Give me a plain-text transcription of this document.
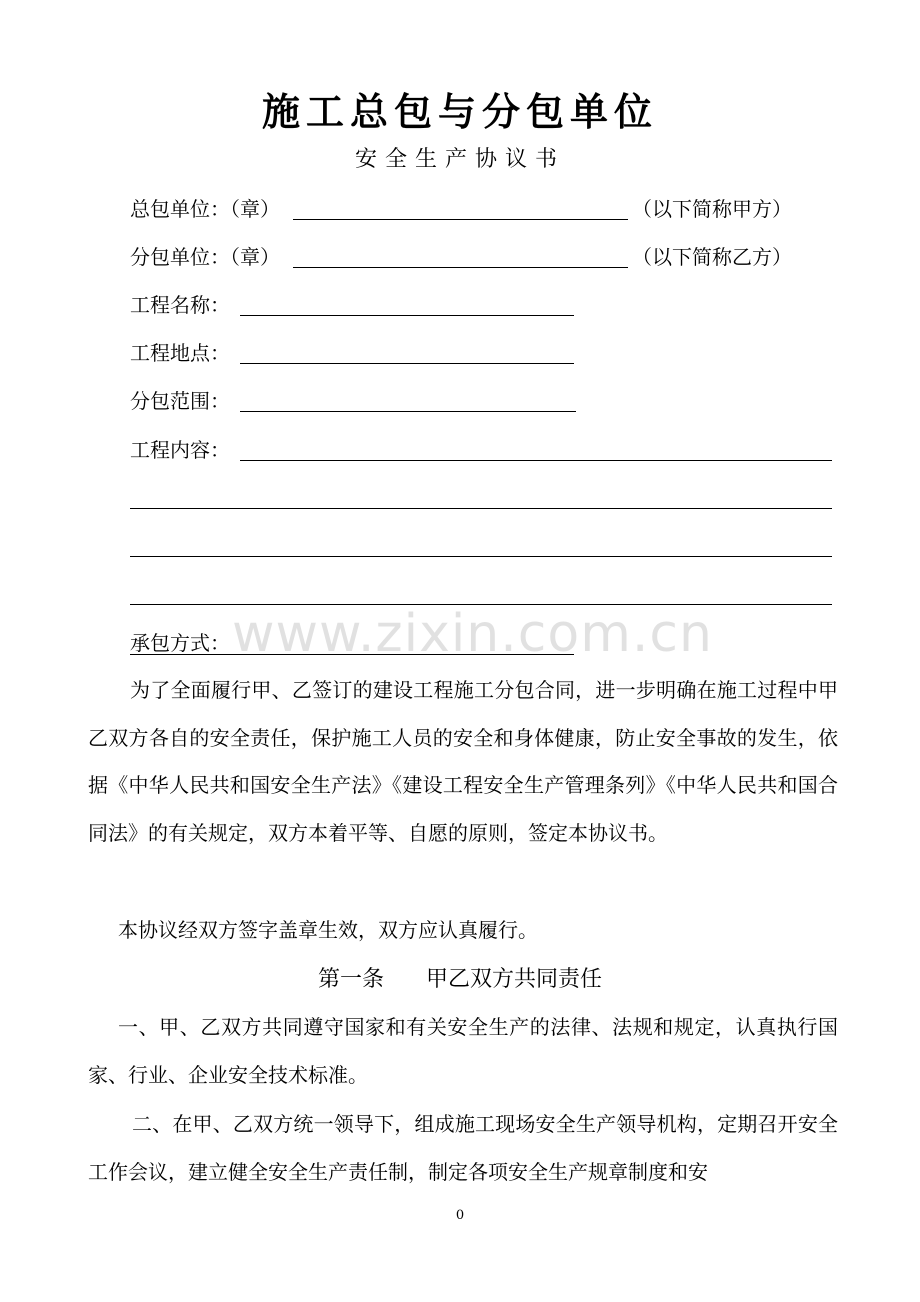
施工总包与分包单位
安全生产协议书
总包单位：（章）	（以下简称甲方）
分包单位：（章）	（以下简称乙方）
工程名称：
工程地点：
分包范围：
工程内容：
承包方式： www.zixin.com.cn

为了全面履行甲、乙签订的建设工程施工分包合同，进一步明确在施工过程中甲乙双方各自的安全责任，保护施工人员的安全和身体健康，防止安全事故的发生，依据《中华人民共和国安全生产法》《建设工程安全生产管理条列》《中华人民共和国合同法》的有关规定，双方本着平等、自愿的原则，签定本协议书。

本协议经双方签字盖章生效，双方应认真履行。

第一条      甲乙双方共同责任

一、甲、乙双方共同遵守国家和有关安全生产的法律、法规和规定，认真执行国家、行业、企业安全技术标准。

二、在甲、乙双方统一领导下，组成施工现场安全生产领导机构，定期召开安全工作会议，建立健全安全生产责任制，制定各项安全生产规章制度和安

0
